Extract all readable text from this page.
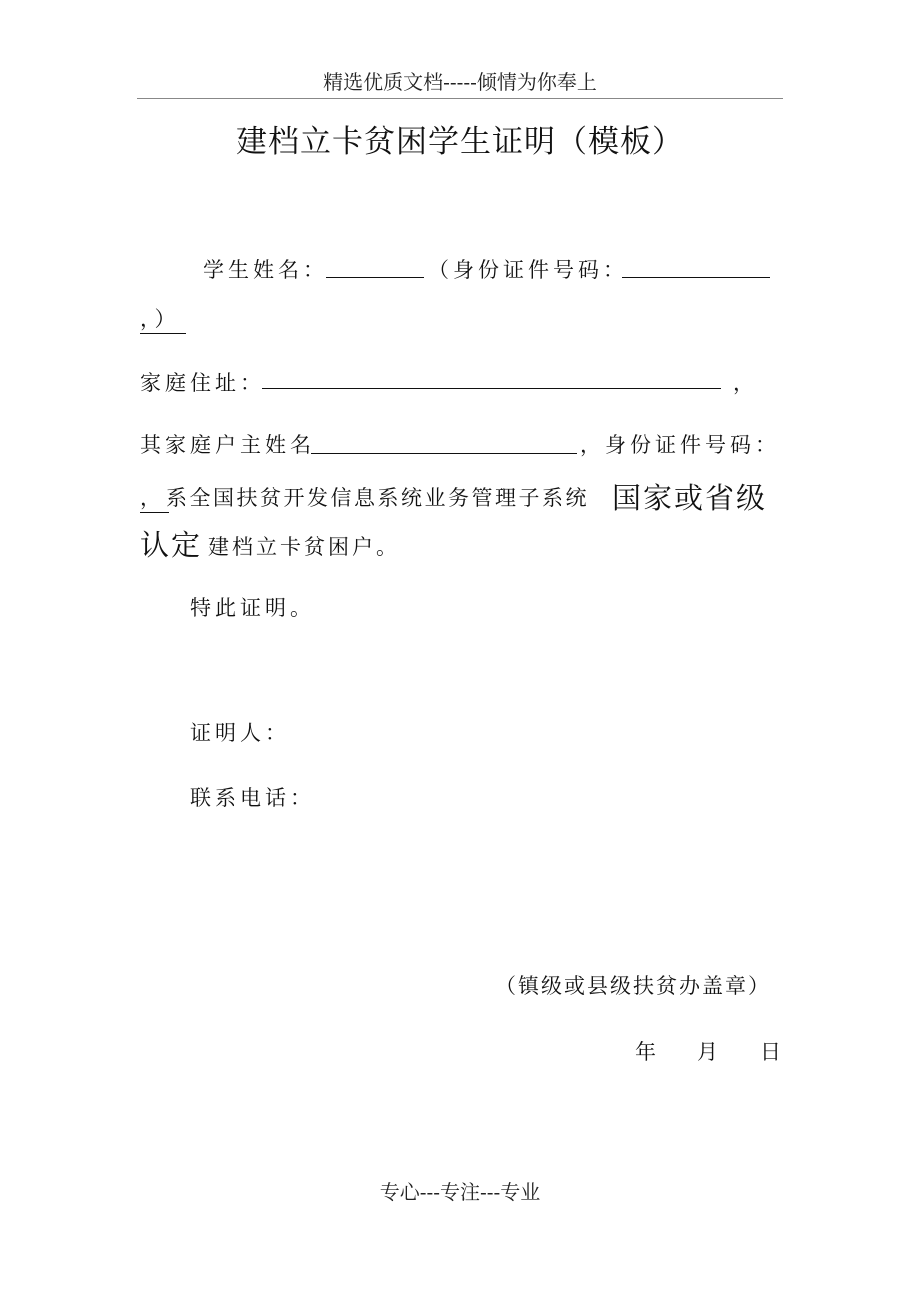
精选优质文档-----倾情为你奉上
建档立卡贫困学生证明（模板）
学生姓名：	（身份证件号码：
，）
家庭住址：	，
其家庭户主姓名	，身份证件号码：
， 系全国扶贫开发信息系统业务管理子系统 国家或省级
认定 建档立卡贫困户。
特此证明。
证明人：
联系电话：
（镇级或县级扶贫办盖章）
年 月 日
专心---专注---专业
